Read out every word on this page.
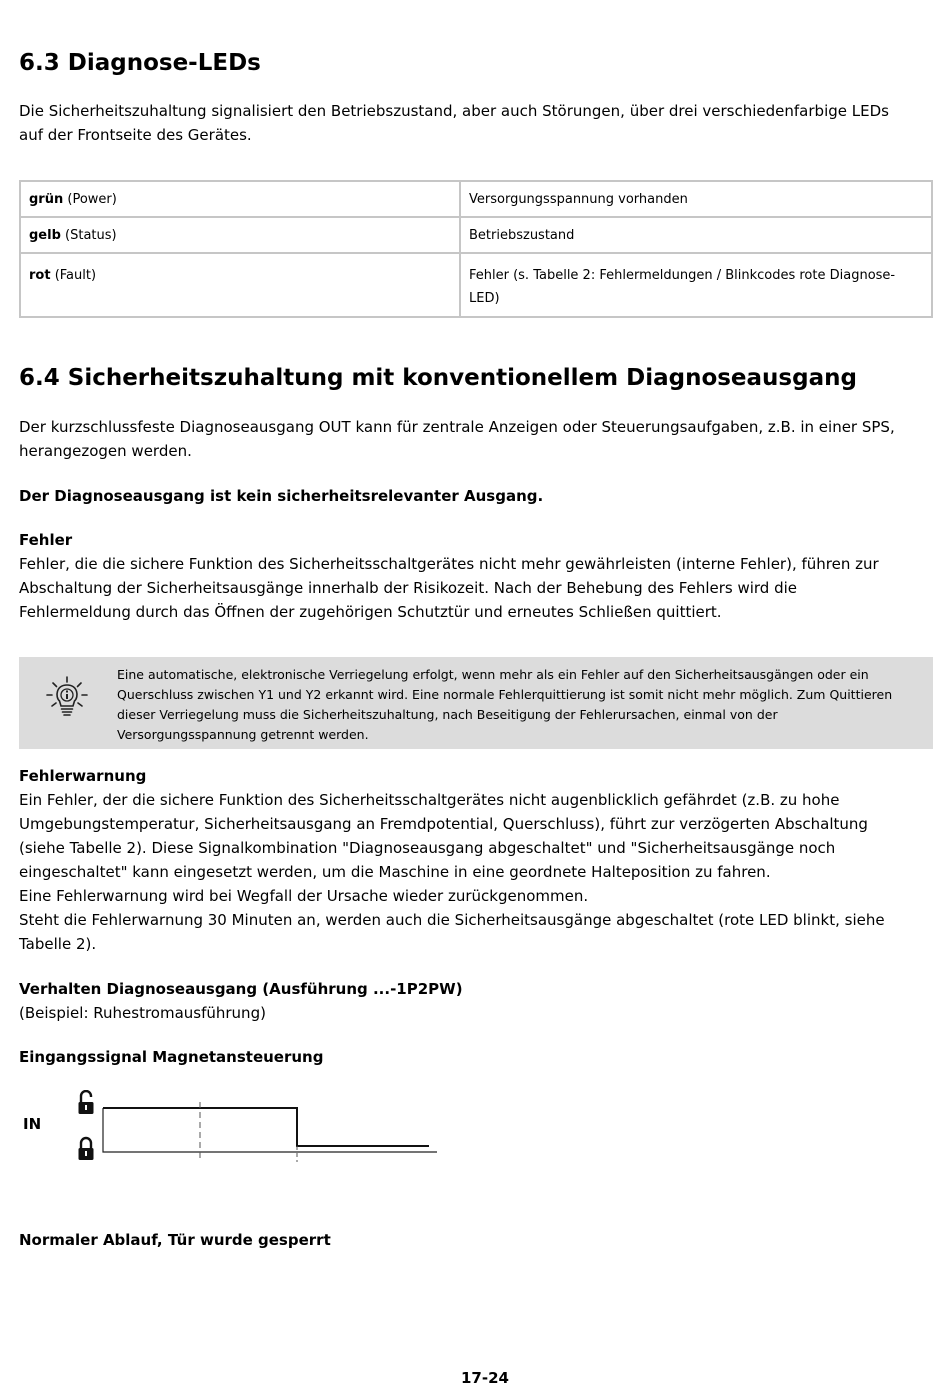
6.3 Diagnose-LEDs
Die Sicherheitszuhaltung signalisiert den Betriebszustand, aber auch Störungen, über drei verschiedenfarbige LEDs
auf der Frontseite des Gerätes.
grün (Power)	Versorgungsspannung vorhanden
gelb (Status)	Betriebszustand
rot (Fault)	Fehler (s. Tabelle 2: Fehlermeldungen / Blinkcodes rote Diagnose-
LED)
6.4 Sicherheitszuhaltung mit konventionellem Diagnoseausgang
Der kurzschlussfeste Diagnoseausgang OUT kann für zentrale Anzeigen oder Steuerungsaufgaben, z.B. in einer SPS,
herangezogen werden.
Der Diagnoseausgang ist kein sicherheitsrelevanter Ausgang.
Fehler
Fehler, die die sichere Funktion des Sicherheitsschaltgerätes nicht mehr gewährleisten (interne Fehler), führen zur
Abschaltung der Sicherheitsausgänge innerhalb der Risikozeit. Nach der Behebung des Fehlers wird die
Fehlermeldung durch das Öffnen der zugehörigen Schutztür und erneutes Schließen quittiert.
Eine automatische, elektronische Verriegelung erfolgt, wenn mehr als ein Fehler auf den Sicherheitsausgängen oder ein
Querschluss zwischen Y1 und Y2 erkannt wird. Eine normale Fehlerquittierung ist somit nicht mehr möglich. Zum Quittieren
dieser Verriegelung muss die Sicherheitszuhaltung, nach Beseitigung der Fehlerursachen, einmal von der
Versorgungsspannung getrennt werden.
Fehlerwarnung
Ein Fehler, der die sichere Funktion des Sicherheitsschaltgerätes nicht augenblicklich gefährdet (z.B. zu hohe
Umgebungstemperatur, Sicherheitsausgang an Fremdpotential, Querschluss), führt zur verzögerten Abschaltung
(siehe Tabelle 2). Diese Signalkombination "Diagnoseausgang abgeschaltet" und "Sicherheitsausgänge noch
eingeschaltet" kann eingesetzt werden, um die Maschine in eine geordnete Halteposition zu fahren.
Eine Fehlerwarnung wird bei Wegfall der Ursache wieder zurückgenommen.
Steht die Fehlerwarnung 30 Minuten an, werden auch die Sicherheitsausgänge abgeschaltet (rote LED blinkt, siehe
Tabelle 2).
Verhalten Diagnoseausgang (Ausführung ...-1P2PW)
(Beispiel: Ruhestromausführung)
Eingangssignal Magnetansteuerung
IN
Normaler Ablauf, Tür wurde gesperrt
17-24
